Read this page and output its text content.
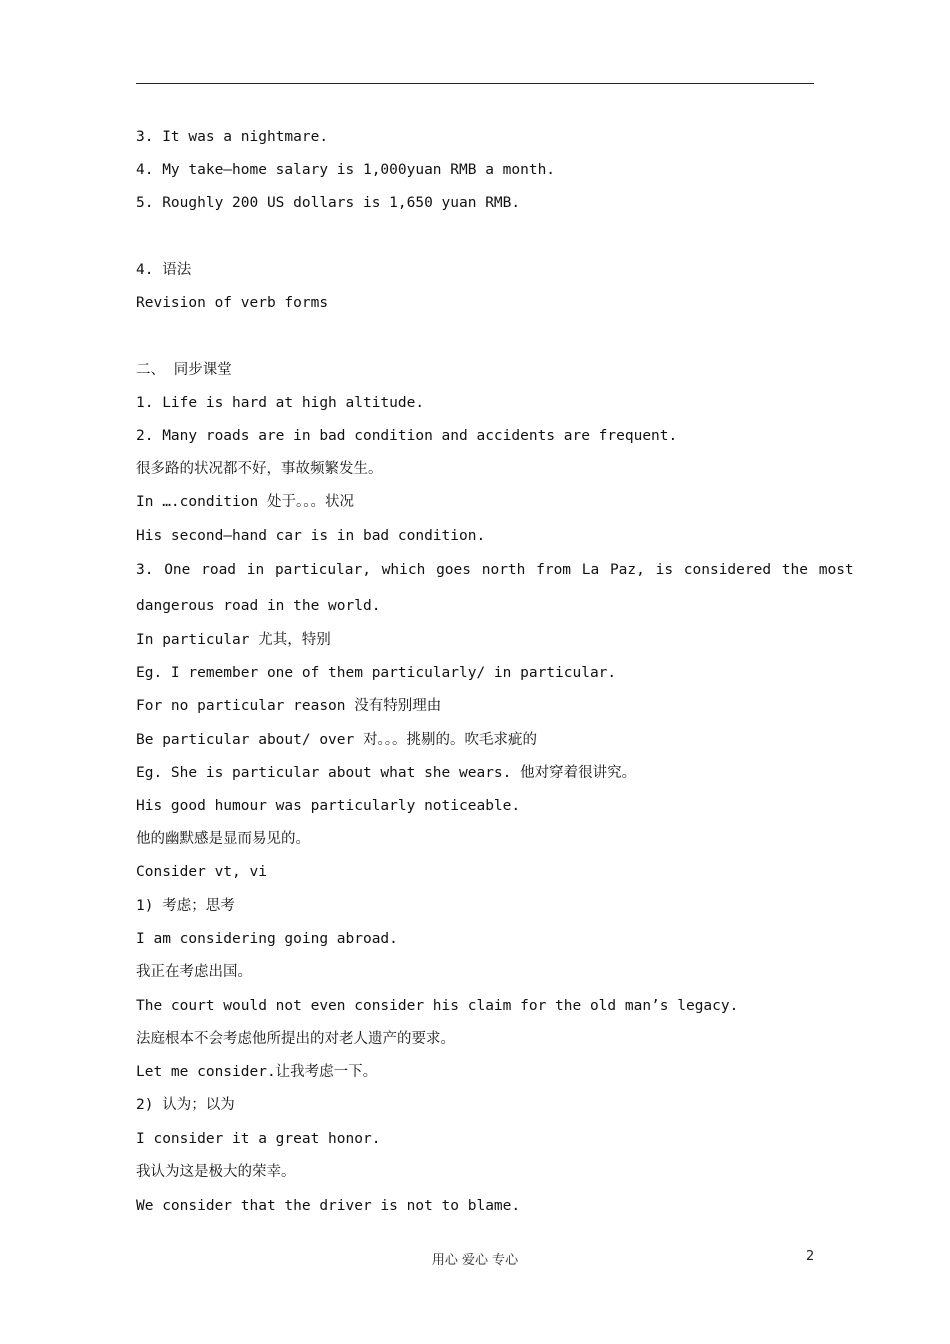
3. It was a nightmare.
4. My take—home salary is 1,000yuan RMB a month.
5. Roughly 200 US dollars is 1,650 yuan RMB.
4. 语法
Revision of verb forms
二、 同步课堂
1. Life is hard at high altitude.
2. Many roads are in bad condition and accidents are frequent.
很多路的状况都不好，事故频繁发生。
In ….condition 处于。。。状况
His second—hand car is in bad condition.
3. One road in particular, which goes north from La Paz, is considered the most
dangerous road in the world.
In particular 尤其，特别
Eg. I remember one of them particularly/ in particular.
For no particular reason 没有特别理由
Be particular about/ over 对。。。挑剔的。吹毛求疵的
Eg. She is particular about what she wears. 他对穿着很讲究。
His good humour was particularly noticeable.
他的幽默感是显而易见的。
Consider vt, vi
1) 考虑；思考
I am considering going abroad.
我正在考虑出国。
The court would not even consider his claim for the old man’s legacy.
法庭根本不会考虑他所提出的对老人遗产的要求。
Let me consider.让我考虑一下。
2) 认为；以为
I consider it a great honor.
我认为这是极大的荣幸。
We consider that the driver is not to blame.
用心 爱心 专心	2
